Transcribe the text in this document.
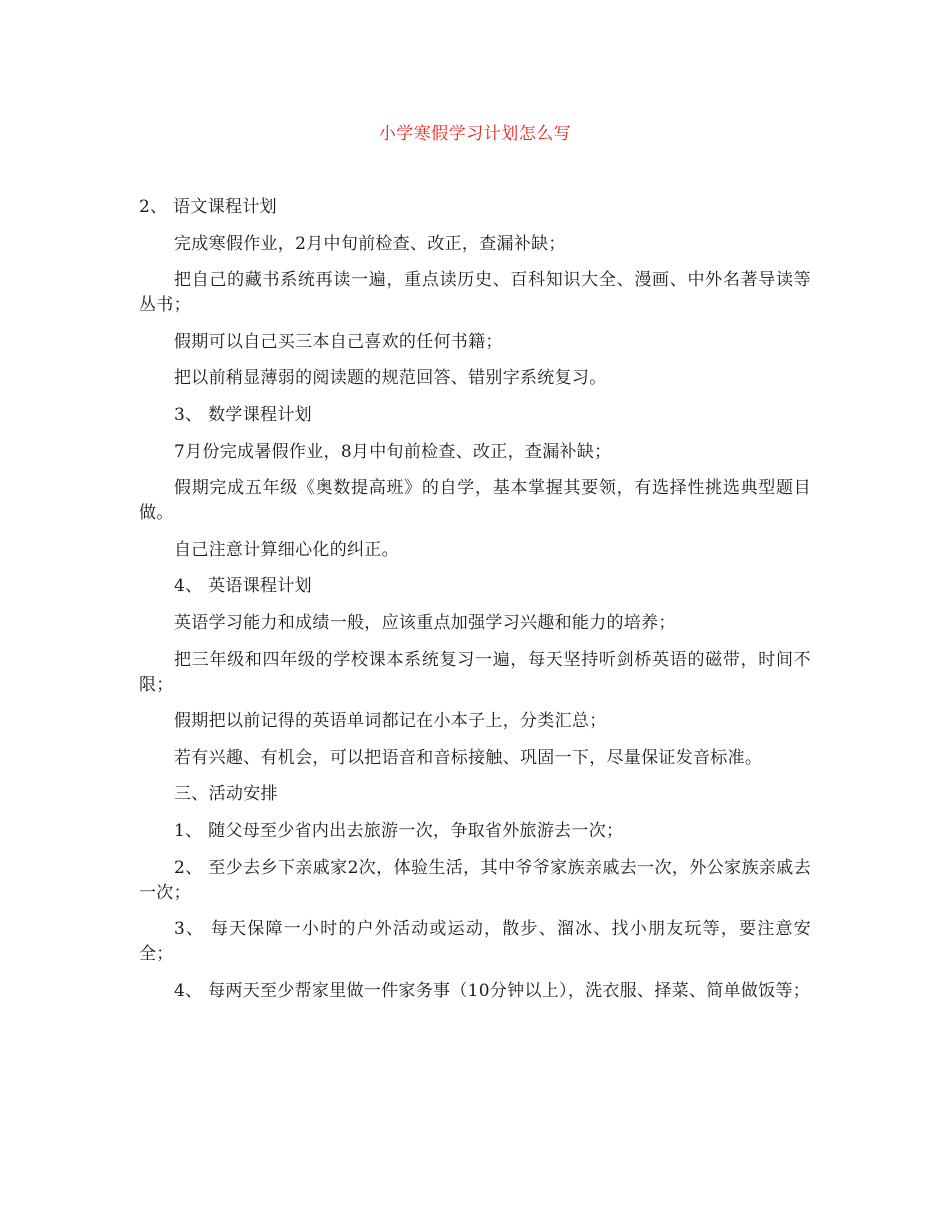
小学寒假学习计划怎么写

2、 语文课程计划

完成寒假作业，2月中旬前检查、改正，查漏补缺；

把自己的藏书系统再读一遍，重点读历史、百科知识大全、漫画、中外名著导读等丛书；

假期可以自己买三本自己喜欢的任何书籍；

把以前稍显薄弱的阅读题的规范回答、错别字系统复习。

3、 数学课程计划

7月份完成暑假作业，8月中旬前检查、改正，查漏补缺；

假期完成五年级《奥数提高班》的自学，基本掌握其要领，有选择性挑选典型题目做。

自己注意计算细心化的纠正。

4、 英语课程计划

英语学习能力和成绩一般，应该重点加强学习兴趣和能力的培养；

把三年级和四年级的学校课本系统复习一遍，每天坚持听剑桥英语的磁带，时间不限；

假期把以前记得的英语单词都记在小本子上，分类汇总；

若有兴趣、有机会，可以把语音和音标接触、巩固一下，尽量保证发音标准。

三、活动安排

1、 随父母至少省内出去旅游一次，争取省外旅游去一次；

2、 至少去乡下亲戚家2次，体验生活，其中爷爷家族亲戚去一次，外公家族亲戚去一次；

3、 每天保障一小时的户外活动或运动，散步、溜冰、找小朋友玩等，要注意安全；

4、 每两天至少帮家里做一件家务事（10分钟以上），洗衣服、择菜、简单做饭等；
